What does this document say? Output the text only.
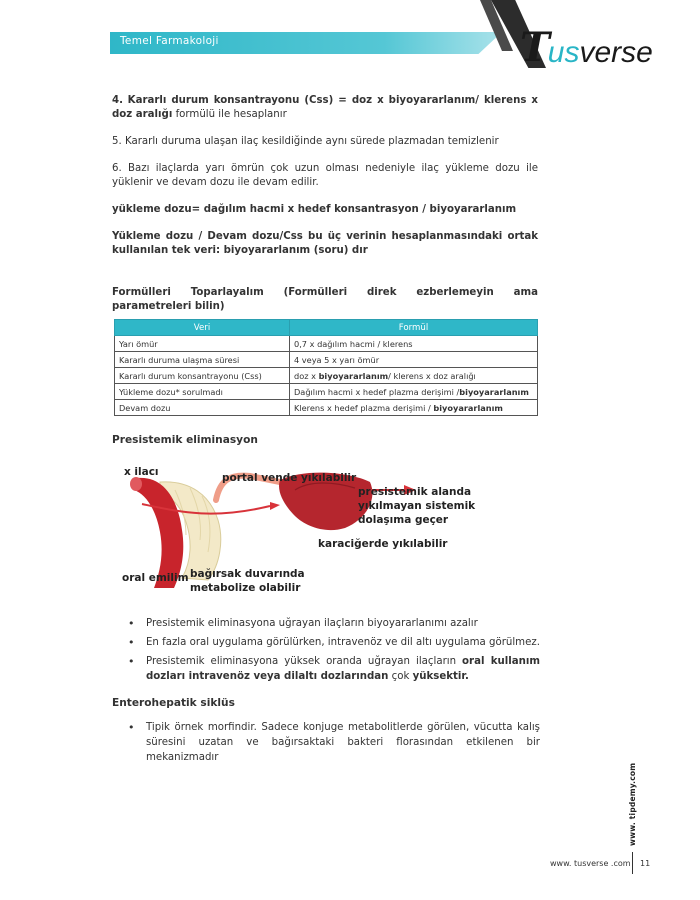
Temel Farmakoloji	T
usverse

4. Kararlı durum konsantrayonu (Css) = doz x biyoyararlanım/ klerens x doz aralığı formülü ile hesaplanır

5. Kararlı duruma ulaşan ilaç kesildiğinde aynı sürede plazmadan temizlenir

6. Bazı ilaçlarda yarı ömrün çok uzun olması nedeniyle ilaç yükleme dozu ile yüklenir ve devam dozu ile devam edilir.

yükleme dozu= dağılım hacmi x hedef konsantrasyon / biyoyararlanım

Yükleme dozu / Devam dozu/Css bu üç verinin hesaplanmasındaki ortak kullanılan tek veri: biyoyararlanım (soru) dır

Formülleri Toparlayalım (Formülleri direk ezberlemeyin ama parametreleri bilin)

Veri	Formül
Yarı ömür	0,7 x dağılım hacmi / klerens
Kararlı duruma ulaşma süresi	4 veya 5 x yarı ömür
Kararlı durum konsantrayonu (Css)	doz x biyoyararlanım/ klerens x doz aralığı
Yükleme dozu* sorulmadı	Dağılım hacmi x hedef plazma derişimi /biyoyararlanım
Devam dozu	Klerens x hedef plazma derişimi / biyoyararlanım
Presistemik eliminasyon
x ilacı	portal vende yıkılabilir
presistemik alanda
yıkılmayan sistemik
dolaşıma geçer
karaciğerde yıkılabilir
oral emilim bağırsak duvarında
metabolize olabilir
• Presistemik eliminasyona uğrayan ilaçların biyoyararlanımı azalır
• En fazla oral uygulama görülürken, intravenöz ve dil altı uygulama görülmez.
• Presistemik eliminasyona yüksek oranda uğrayan ilaçların oral kullanım dozları intravenöz veya dilaltı dozlarından çok yüksektir.
Enterohepatik siklüs
• Tipik örnek morfindir. Sadece konjuge metabolitlerde görülen, vücutta kalış süresini uzatan ve bağırsaktaki bakteri florasından etkilenen bir mekanizmadır
www. tipdemy.com
www. tusverse .com 11
